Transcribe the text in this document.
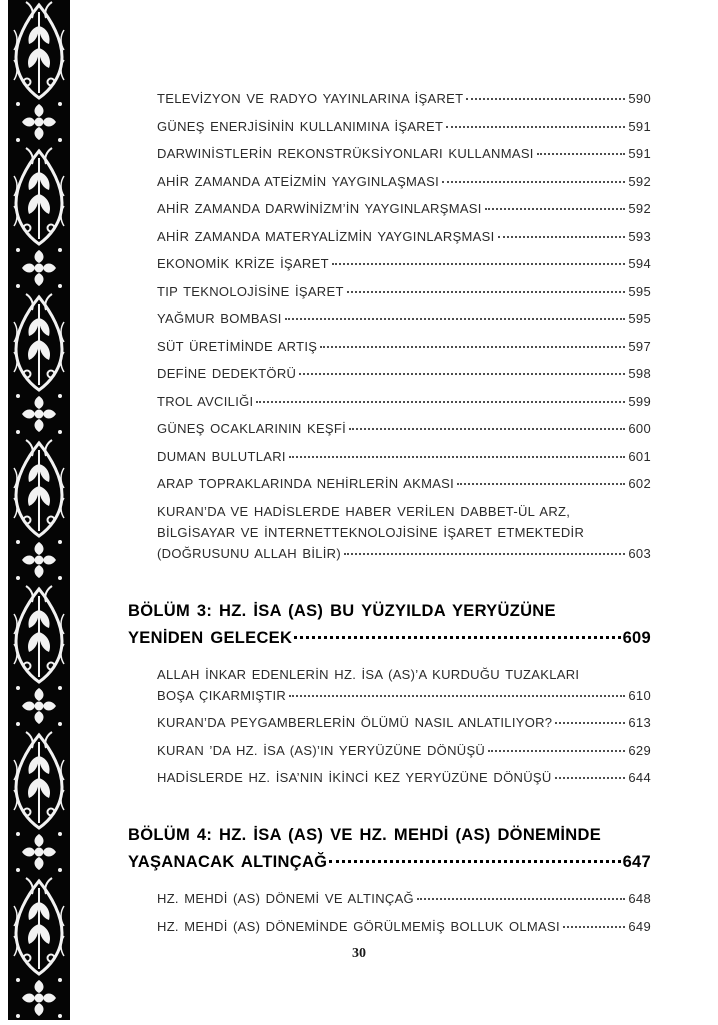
TELEVİZYON VE RADYO YAYINLARINA İŞARET	590
GÜNEŞ ENERJİSİNİN KULLANIMINA İŞARET	591
DARWINİSTLERİN REKONSTRÜKSİYONLARI KULLANMASI	591
AHİR ZAMANDA ATEİZMİN YAYGINLAŞMASI	592
AHİR ZAMANDA DARWİNİZM’İN YAYGINLARŞMASI	592
AHİR ZAMANDA MATERYALİZMİN YAYGINLARŞMASI	593
EKONOMİK KRİZE İŞARET	594
TIP TEKNOLOJİSİNE İŞARET	595
YAĞMUR BOMBASI	595
SÜT ÜRETİMİNDE ARTIŞ	597
DEFİNE DEDEKTÖRÜ	598
TROL AVCILIĞI	599
GÜNEŞ OCAKLARININ KEŞFİ	600
DUMAN BULUTLARI	601
ARAP TOPRAKLARINDA NEHİRLERİN AKMASI	602
KURAN’DA VE HADİSLERDE HABER VERİLEN DABBET-ÜL ARZ,
BİLGİSAYAR VE İNTERNETTEKNOLOJİSİNE İŞARET ETMEKTEDİR
(DOĞRUSUNU ALLAH BİLİR)	603
BÖLÜM 3: HZ. İSA (AS) BU YÜZYILDA YERYÜZÜNE
YENİDEN GELECEK	609
ALLAH İNKAR EDENLERİN HZ. İSA (AS)’A KURDUĞU TUZAKLARI
BOŞA ÇIKARMIŞTIR	610
KURAN’DA PEYGAMBERLERİN ÖLÜMÜ NASIL ANLATILIYOR?	613
KURAN ’DA HZ. İSA (AS)’IN YERYÜZÜNE DÖNÜŞÜ	629
HADİSLERDE HZ. İSA’NIN İKİNCİ KEZ YERYÜZÜNE DÖNÜŞÜ	644
BÖLÜM 4: HZ. İSA (AS) VE HZ. MEHDİ (AS) DÖNEMİNDE
YAŞANACAK ALTINÇAĞ	647
HZ. MEHDİ (AS) DÖNEMİ VE ALTINÇAĞ	648
HZ. MEHDİ (AS) DÖNEMİNDE GÖRÜLMEMİŞ BOLLUK OLMASI	649
30
